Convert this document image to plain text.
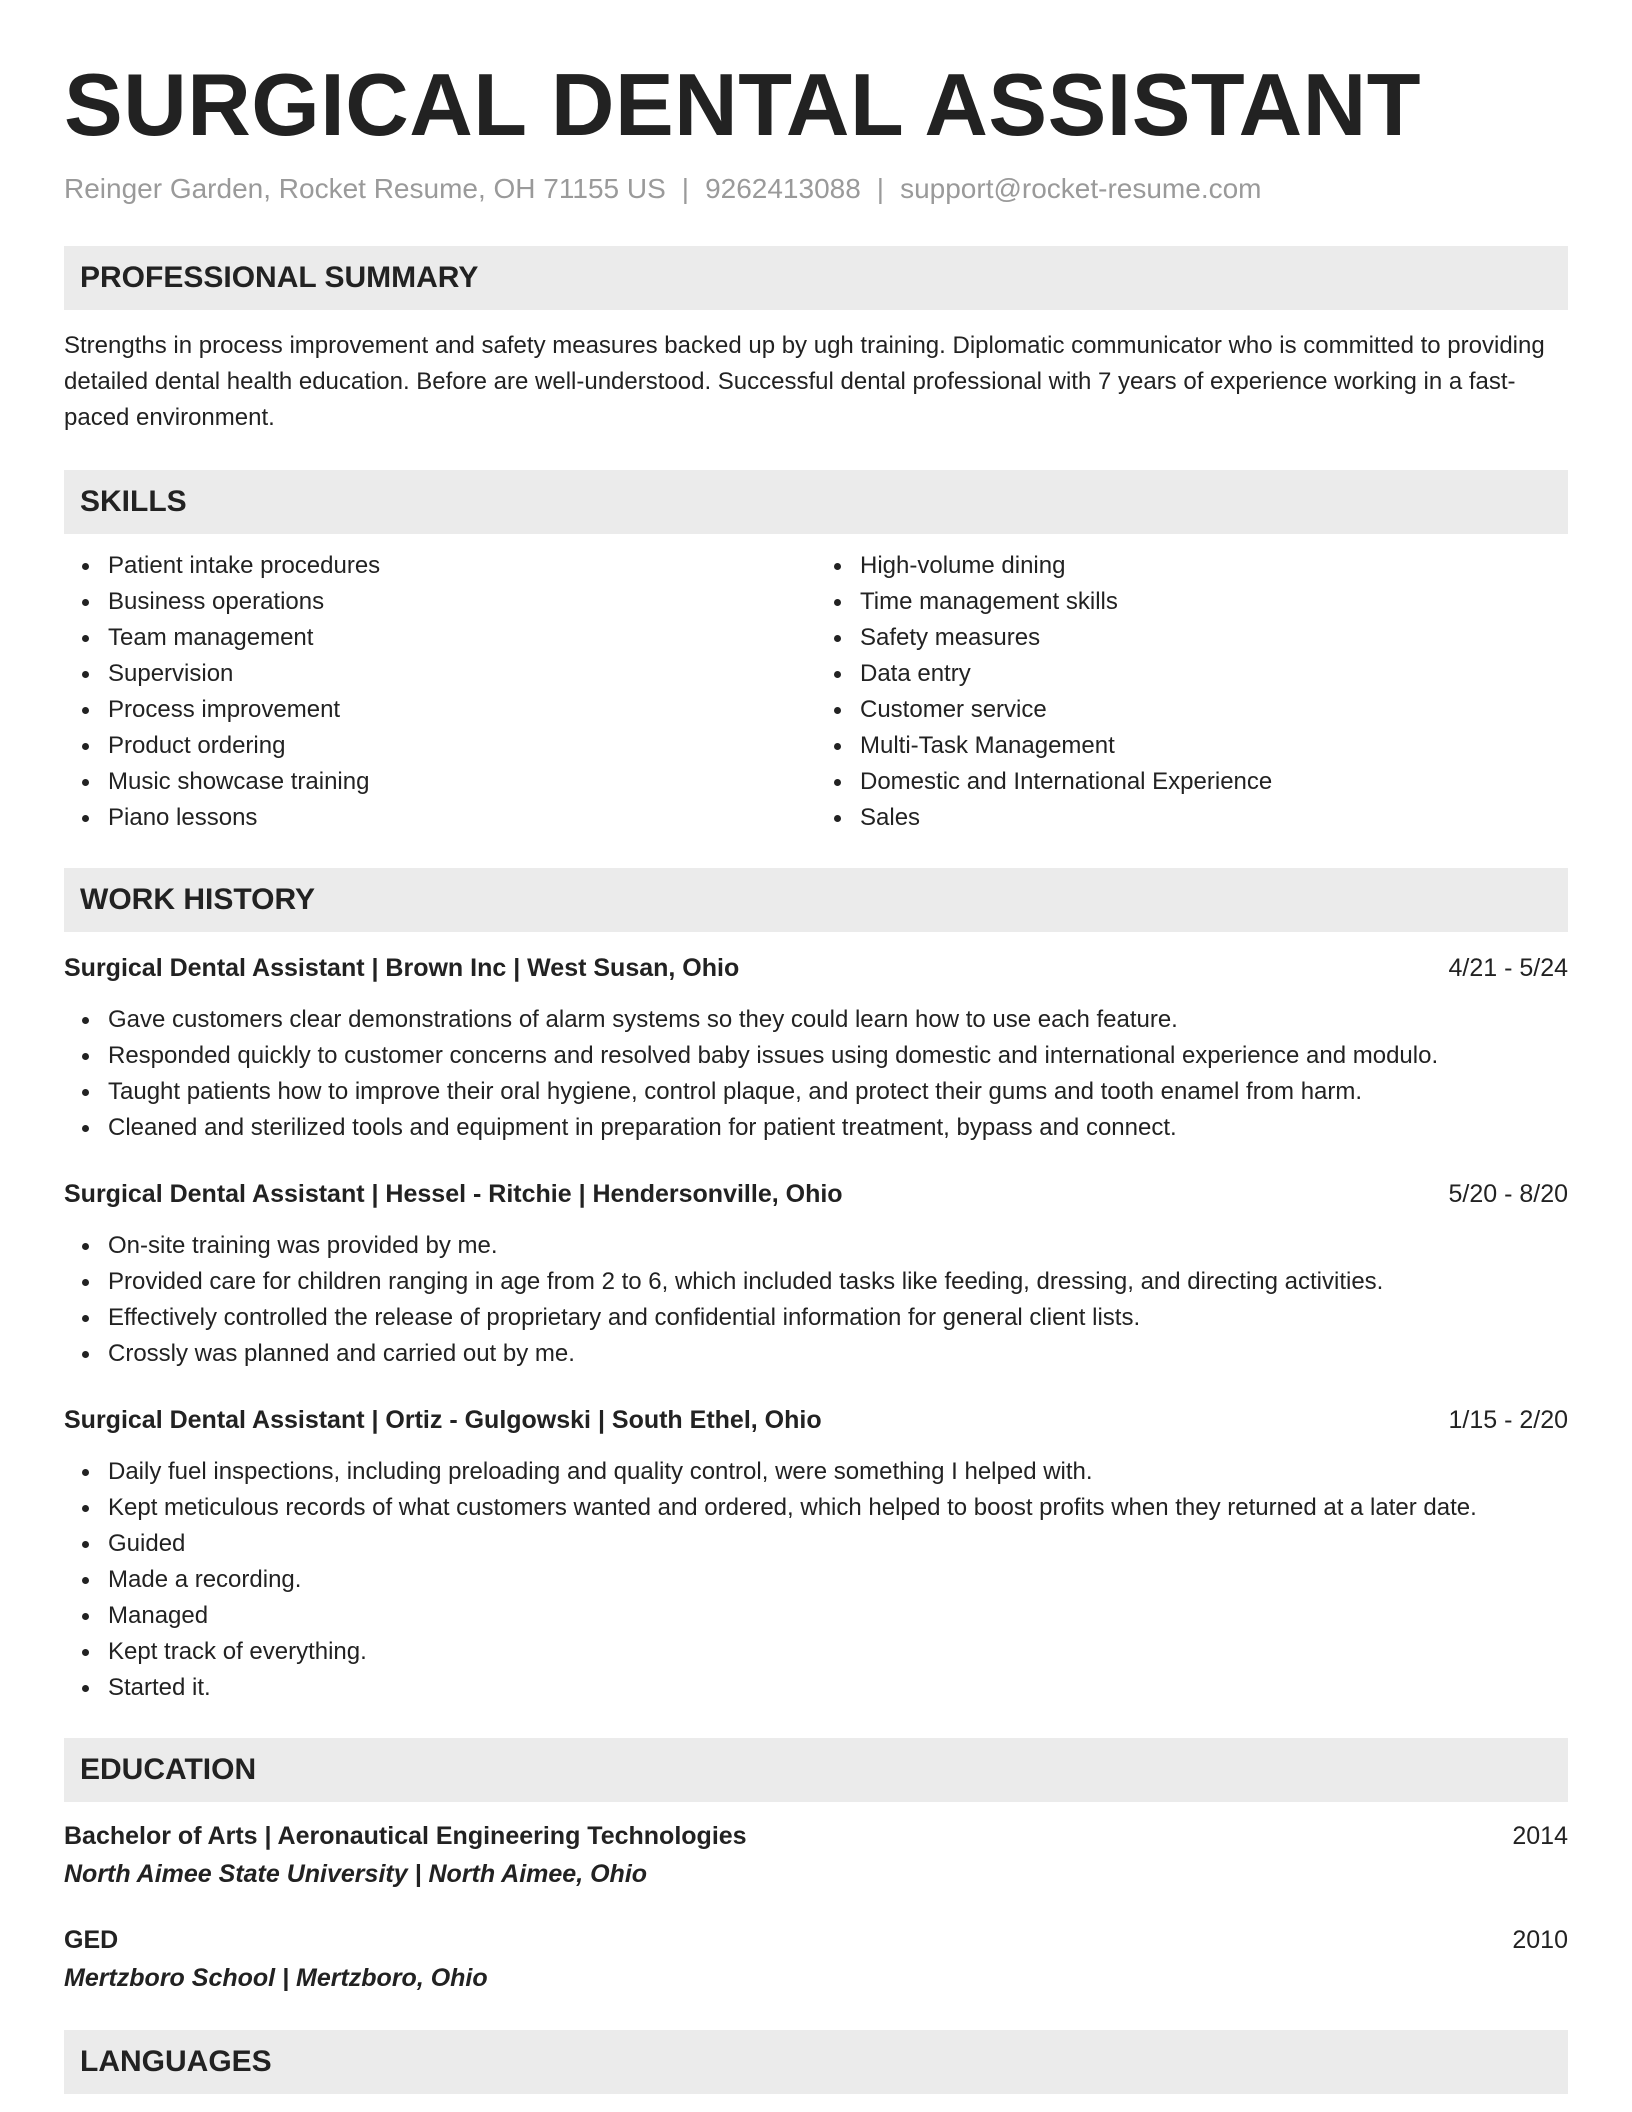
SURGICAL DENTAL ASSISTANT
Reinger Garden, Rocket Resume, OH 71155 US | 9262413088 | support@rocket-resume.com
PROFESSIONAL SUMMARY

Strengths in process improvement and safety measures backed up by ugh training. Diplomatic communicator who is committed to providing detailed dental health education. Before are well-understood. Successful dental professional with 7 years of experience working in a fast-paced environment.

SKILLS
Patient intake procedures
Business operations
Team management
Supervision
Process improvement
Product ordering
Music showcase training
Piano lessons
High-volume dining
Time management skills
Safety measures
Data entry
Customer service
Multi-Task Management
Domestic and International Experience
Sales
WORK HISTORY
Surgical Dental Assistant | Brown Inc | West Susan, Ohio	4/21 - 5/24
Gave customers clear demonstrations of alarm systems so they could learn how to use each feature.
Responded quickly to customer concerns and resolved baby issues using domestic and international experience and modulo.
Taught patients how to improve their oral hygiene, control plaque, and protect their gums and tooth enamel from harm.
Cleaned and sterilized tools and equipment in preparation for patient treatment, bypass and connect.
Surgical Dental Assistant | Hessel - Ritchie | Hendersonville, Ohio	5/20 - 8/20
On-site training was provided by me.
Provided care for children ranging in age from 2 to 6, which included tasks like feeding, dressing, and directing activities.
Effectively controlled the release of proprietary and confidential information for general client lists.
Crossly was planned and carried out by me.
Surgical Dental Assistant | Ortiz - Gulgowski | South Ethel, Ohio	1/15 - 2/20
Daily fuel inspections, including preloading and quality control, were something I helped with.
Kept meticulous records of what customers wanted and ordered, which helped to boost profits when they returned at a later date.
Guided
Made a recording.
Managed
Kept track of everything.
Started it.
EDUCATION
Bachelor of Arts | Aeronautical Engineering Technologies	2014
North Aimee State University | North Aimee, Ohio
GED	2010
Mertzboro School | Mertzboro, Ohio
LANGUAGES
